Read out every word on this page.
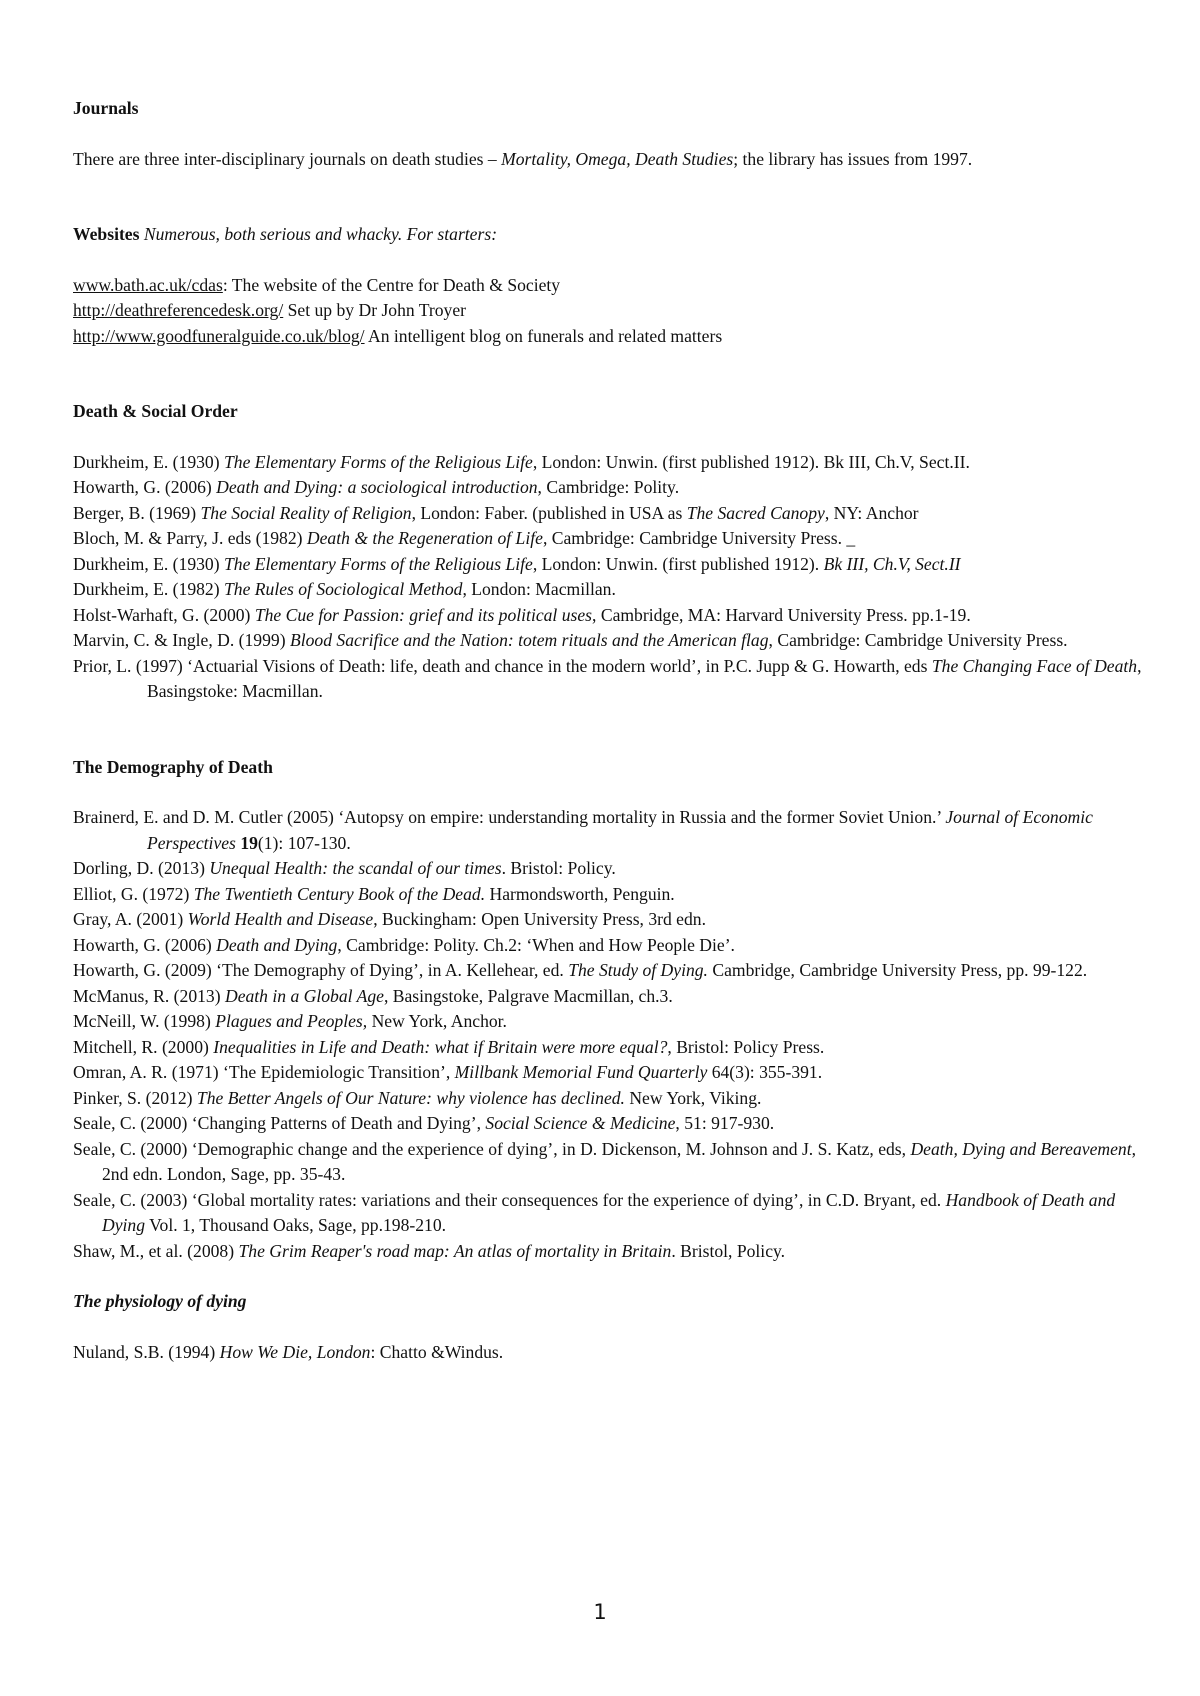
Journals

There are three inter-disciplinary journals on death studies – Mortality, Omega, Death Studies; the library has issues from 1997.

Websites Numerous, both serious and whacky. For starters:

www.bath.ac.uk/cdas: The website of the Centre for Death & Society

http://deathreferencedesk.org/ Set up by Dr John Troyer

http://www.goodfuneralguide.co.uk/blog/ An intelligent blog on funerals and related matters

Death & Social Order

Durkheim, E. (1930) The Elementary Forms of the Religious Life, London: Unwin. (first published 1912). Bk III, Ch.V, Sect.II.

Howarth, G. (2006) Death and Dying: a sociological introduction, Cambridge: Polity.

Berger, B. (1969) The Social Reality of Religion, London: Faber. (published in USA as The Sacred Canopy, NY: Anchor

Bloch, M. & Parry, J. eds (1982) Death & the Regeneration of Life, Cambridge: Cambridge University Press. _

Durkheim, E. (1930) The Elementary Forms of the Religious Life, London: Unwin. (first published 1912). Bk III, Ch.V, Sect.II

Durkheim, E. (1982) The Rules of Sociological Method, London: Macmillan.

Holst-Warhaft, G. (2000) The Cue for Passion: grief and its political uses, Cambridge, MA: Harvard University Press. pp.1-19.

Marvin, C. & Ingle, D. (1999) Blood Sacrifice and the Nation: totem rituals and the American flag, Cambridge: Cambridge University Press.

Prior, L. (1997) ‘Actuarial Visions of Death: life, death and chance in the modern world’, in P.C. Jupp & G. Howarth, eds The Changing Face of Death, Basingstoke: Macmillan.

The Demography of Death

Brainerd, E. and D. M. Cutler (2005) ‘Autopsy on empire: understanding mortality in Russia and the former Soviet Union.’ Journal of Economic Perspectives 19(1): 107-130.

Dorling, D. (2013) Unequal Health: the scandal of our times. Bristol: Policy.

Elliot, G. (1972) The Twentieth Century Book of the Dead. Harmondsworth, Penguin.

Gray, A. (2001) World Health and Disease, Buckingham: Open University Press, 3rd edn.

Howarth, G. (2006) Death and Dying, Cambridge: Polity. Ch.2: ‘When and How People Die’.

Howarth, G. (2009) ‘The Demography of Dying’, in A. Kellehear, ed. The Study of Dying. Cambridge, Cambridge University Press, pp. 99-122.

McManus, R. (2013) Death in a Global Age, Basingstoke, Palgrave Macmillan, ch.3.

McNeill, W. (1998) Plagues and Peoples, New York, Anchor.

Mitchell, R. (2000) Inequalities in Life and Death: what if Britain were more equal?, Bristol: Policy Press.

Omran, A. R. (1971) ‘The Epidemiologic Transition’, Millbank Memorial Fund Quarterly 64(3): 355-391.

Pinker, S. (2012) The Better Angels of Our Nature: why violence has declined. New York, Viking.

Seale, C. (2000) ‘Changing Patterns of Death and Dying’, Social Science & Medicine, 51: 917-930.

Seale, C. (2000) ‘Demographic change and the experience of dying’, in D. Dickenson, M. Johnson and J. S. Katz, eds, Death, Dying and Bereavement, 2nd edn. London, Sage, pp. 35-43.

Seale, C. (2003) ‘Global mortality rates: variations and their consequences for the experience of dying’, in C.D. Bryant, ed. Handbook of Death and Dying Vol. 1, Thousand Oaks, Sage, pp.198-210.

Shaw, M., et al. (2008) The Grim Reaper's road map: An atlas of mortality in Britain. Bristol, Policy.

The physiology of dying

Nuland, S.B. (1994) How We Die, London: Chatto &Windus.

1
